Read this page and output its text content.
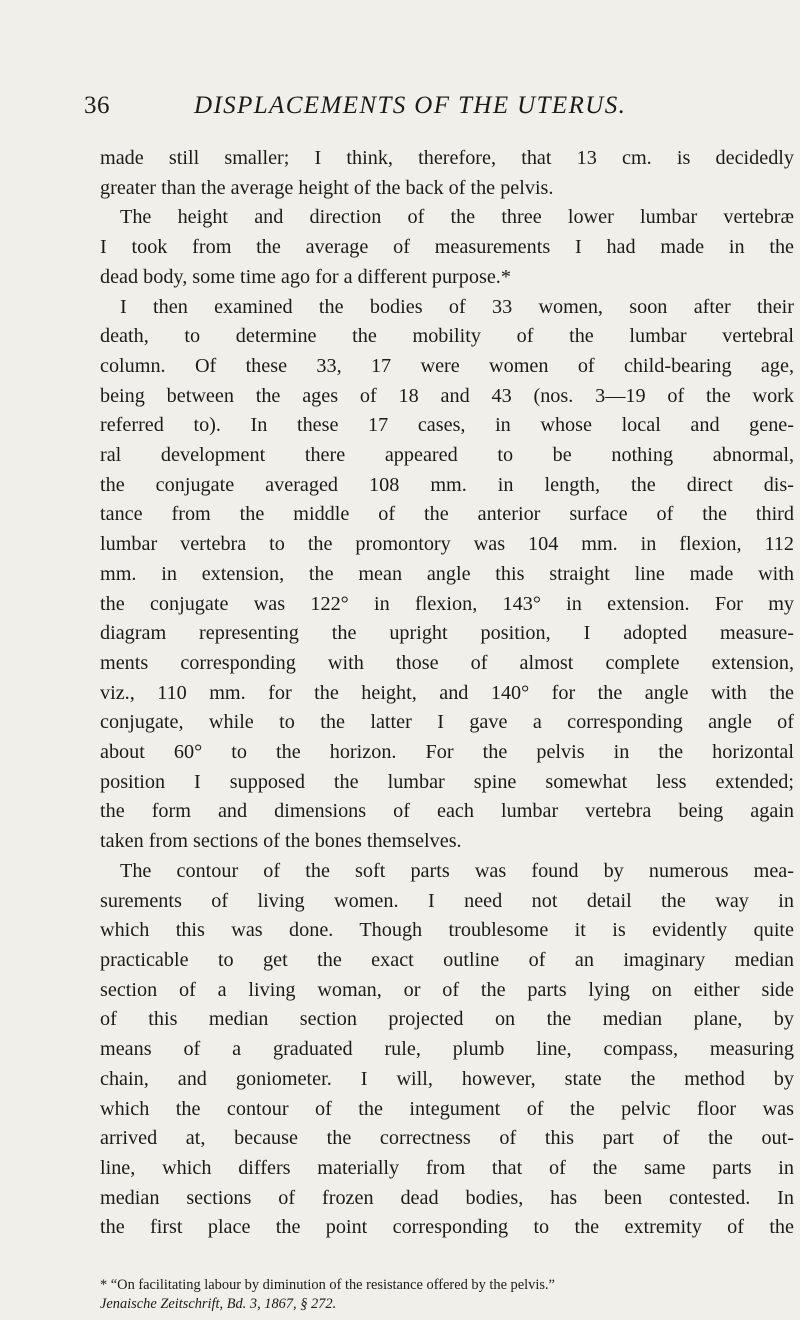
36	DISPLACEMENTS OF THE UTERUS.
made still smaller; I think, therefore, that 13 cm. is decidedly
greater than the average height of the back of the pelvis.
The height and direction of the three lower lumbar vertebræ
I took from the average of measurements I had made in the
dead body, some time ago for a different purpose.*
I then examined the bodies of 33 women, soon after their
death, to determine the mobility of the lumbar vertebral
column. Of these 33, 17 were women of child-bearing age,
being between the ages of 18 and 43 (nos. 3—19 of the work
referred to). In these 17 cases, in whose local and gene-
ral development there appeared to be nothing abnormal,
the conjugate averaged 108 mm. in length, the direct dis-
tance from the middle of the anterior surface of the third
lumbar vertebra to the promontory was 104 mm. in flexion, 112
mm. in extension, the mean angle this straight line made with
the conjugate was 122° in flexion, 143° in extension. For my
diagram representing the upright position, I adopted measure-
ments corresponding with those of almost complete extension,
viz., 110 mm. for the height, and 140° for the angle with the
conjugate, while to the latter I gave a corresponding angle of
about 60° to the horizon. For the pelvis in the horizontal
position I supposed the lumbar spine somewhat less extended;
the form and dimensions of each lumbar vertebra being again
taken from sections of the bones themselves.
The contour of the soft parts was found by numerous mea-
surements of living women. I need not detail the way in
which this was done. Though troublesome it is evidently quite
practicable to get the exact outline of an imaginary median
section of a living woman, or of the parts lying on either side
of this median section projected on the median plane, by
means of a graduated rule, plumb line, compass, measuring
chain, and goniometer. I will, however, state the method by
which the contour of the integument of the pelvic floor was
arrived at, because the correctness of this part of the out-
line, which differs materially from that of the same parts in
median sections of frozen dead bodies, has been contested. In
the first place the point corresponding to the extremity of the
* “On facilitating labour by diminution of the resistance offered by the pelvis.”
Jenaische Zeitschrift, Bd. 3, 1867, § 272.
